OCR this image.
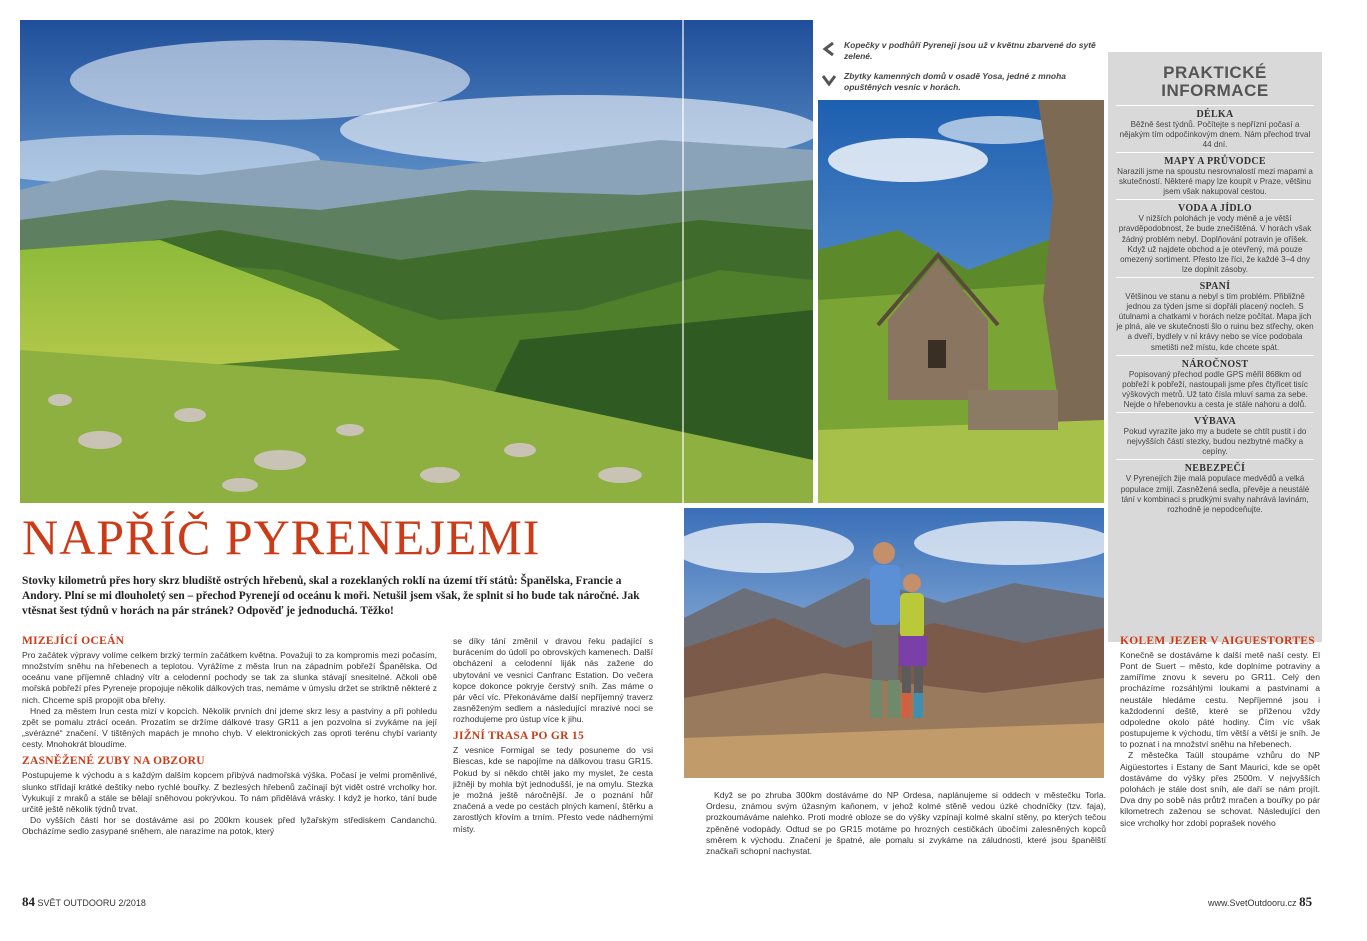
Kopečky v podhůří Pyrenejí jsou už v květnu zbarvené do sytě zelené.
Zbytky kamenných domů v osadě Yosa, jedné z mnoha opuštěných vesnic v horách.
PRAKTICKÉ
INFORMACE
DÉLKA

Běžně šest týdnů. Počítejte s nepřízní počasí a nějakým tím odpočinkovým dnem. Nám přechod trval 44 dní.

MAPY A PRŮVODCE

Narazili jsme na spoustu nesrovnalostí mezi mapami a skutečností. Některé mapy lze koupit v Praze, většinu jsem však nakupoval cestou.

VODA A JÍDLO

V nižších polohách je vody méně a je větší pravděpodobnost, že bude znečištěná. V horách však žádný problém nebyl. Doplňování potravin je oříšek. Když už najdete obchod a je otevřený, má pouze omezený sortiment. Přesto lze říci, že každé 3–4 dny lze doplnit zásoby.

SPANÍ

Většinou ve stanu a nebyl s tím problém. Přibližně jednou za týden jsme si dopřáli placený nocleh. S útulnami a chatkami v horách nelze počítat. Mapa jich je plná, ale ve skutečnosti šlo o ruinu bez střechy, oken a dveří, bydlely v ní krávy nebo se více podobala smetišti než místu, kde chcete spát.

NÁROČNOST

Popisovaný přechod podle GPS měřil 868km od pobřeží k pobřeží, nastoupali jsme přes čtyřicet tisíc výškových metrů. Už tato čísla mluví sama za sebe. Nejde o hřebenovku a cesta je stále nahoru a dolů.

VÝBAVA

Pokud vyrazíte jako my a budete se chtít pustit i do nejvyšších částí stezky, budou nezbytné mačky a cepíny.

NEBEZPEČÍ

V Pyrenejích žije malá populace medvědů a velká populace zmijí. Zasněžená sedla, převěje a neustálé tání v kombinaci s prudkými svahy nahrává lavinám, rozhodně je nepodceňujte.

NAPŘÍČ PYRENEJEMI

Stovky kilometrů přes hory skrz bludiště ostrých hřebenů, skal a rozeklaných roklí na území tří států: Španělska, Francie a Andory. Plní se mi dlouholetý sen – přechod Pyrenejí od oceánu k moři. Netušil jsem však, že splnit si ho bude tak náročné. Jak vtěsnat šest týdnů v horách na pár stránek? Odpověď je jednoduchá. Těžko!

MIZEJÍCÍ OCEÁN

Pro začátek výpravy volíme celkem brzký termín začátkem května. Považuji to za kompromis mezi počasím, množstvím sněhu na hřebenech a teplotou. Vyrážíme z města Irun na západním pobřeží Španělska. Od oceánu vane příjemně chladný vítr a celodenní pochody se tak za slunka stávají snesitelné. Ačkoli obě mořská pobřeží přes Pyreneje propojuje několik dálkových tras, nemáme v úmyslu držet se striktně některé z nich. Chceme spíš propojit oba břehy.

Hned za městem Irun cesta mizí v kopcích. Několik prvních dní jdeme skrz lesy a pastviny a při pohledu zpět se pomalu ztrácí oceán. Prozatím se držíme dálkové trasy GR11 a jen pozvolna si zvykáme na její „svérázné“ značení. V tištěných mapách je mnoho chyb. V elektronických zas oproti terénu chybí varianty cesty. Mnohokrát bloudíme.

ZASNĚŽENÉ ZUBY NA OBZORU

Postupujeme k východu a s každým dalším kopcem přibývá nadmořská výška. Počasí je velmi proměnlivé, slunko střídají krátké deštíky nebo rychlé bouřky. Z bezlesých hřebenů začínají být vidět ostré vrcholky hor. Vykukují z mraků a stále se bělají sněhovou pokrývkou. To nám přidělává vrásky. I když je horko, tání bude určitě ještě několik týdnů trvat.

Do vyšších částí hor se dostáváme asi po 200km kousek před lyžařským střediskem Candanchú. Obcházíme sedlo zasypané sněhem, ale narazíme na potok, který

se díky tání změnil v dravou řeku padající s burácením do údolí po obrovských kamenech. Další obcházení a celodenní liják nás zažene do ubytování ve vesnici Canfranc Estation. Do večera kopce dokonce pokryje čerstvý sníh. Zas máme o pár věcí víc. Překonáváme další nepříjemný traverz zasněženým sedlem a následující mrazivé noci se rozhodujeme pro ústup více k jihu.

JIŽNÍ TRASA PO GR 15

Z vesnice Formigal se tedy posuneme do vsi Biescas, kde se napojíme na dálkovou trasu GR15. Pokud by si někdo chtěl jako my myslet, že cesta jižněji by mohla být jednodušší, je na omylu. Stezka je možná ještě náročnější. Je o poznání hůř značená a vede po cestách plných kamení, štěrku a zarostlých křovím a trním. Přesto vede nádhernými místy.

Když se po zhruba 300km dostáváme do NP Ordesa, naplánujeme si oddech v městečku Torla. Ordesu, známou svým úžasným kaňonem, v jehož kolmé stěně vedou úzké chodníčky (tzv. faja), prozkoumáváme nalehko. Proti modré obloze se do výšky vzpínají kolmé skalní stěny, po kterých tečou zpěněné vodopády. Odtud se po GR15 motáme po hrozných cestičkách úbočími zalesněných kopců směrem k východu. Značení je špatné, ale pomalu si zvykáme na záludnosti, které jsou španělští značkaři schopní nachystat.

KOLEM JEZER V AIGUESTORTES

Konečně se dostáváme k další metě naší cesty. El Pont de Suert – město, kde doplníme potraviny a zamíříme znovu k severu po GR11. Celý den procházíme rozsáhlými loukami a pastvinami a neustále hledáme cestu. Nepříjemné jsou i každodenní deště, které se přiženou vždy odpoledne okolo páté hodiny. Čím víc však postupujeme k východu, tím větší a větší je sníh. Je to poznat i na množství sněhu na hřebenech.

Z městečka Taüll stoupáme vzhůru do NP Aigüestortes i Estany de Sant Maurici, kde se opět dostáváme do výšky přes 2500m. V nejvyšších polohách je stále dost sníh, ale daří se nám projít. Dva dny po sobě nás průtrž mračen a bouřky po pár kilometrech zaženou se schovat. Následující den sice vrcholky hor zdobí poprašek nového

84 SVĚT OUTDOORU 2/2018	www.SvetOutdooru.cz 85
